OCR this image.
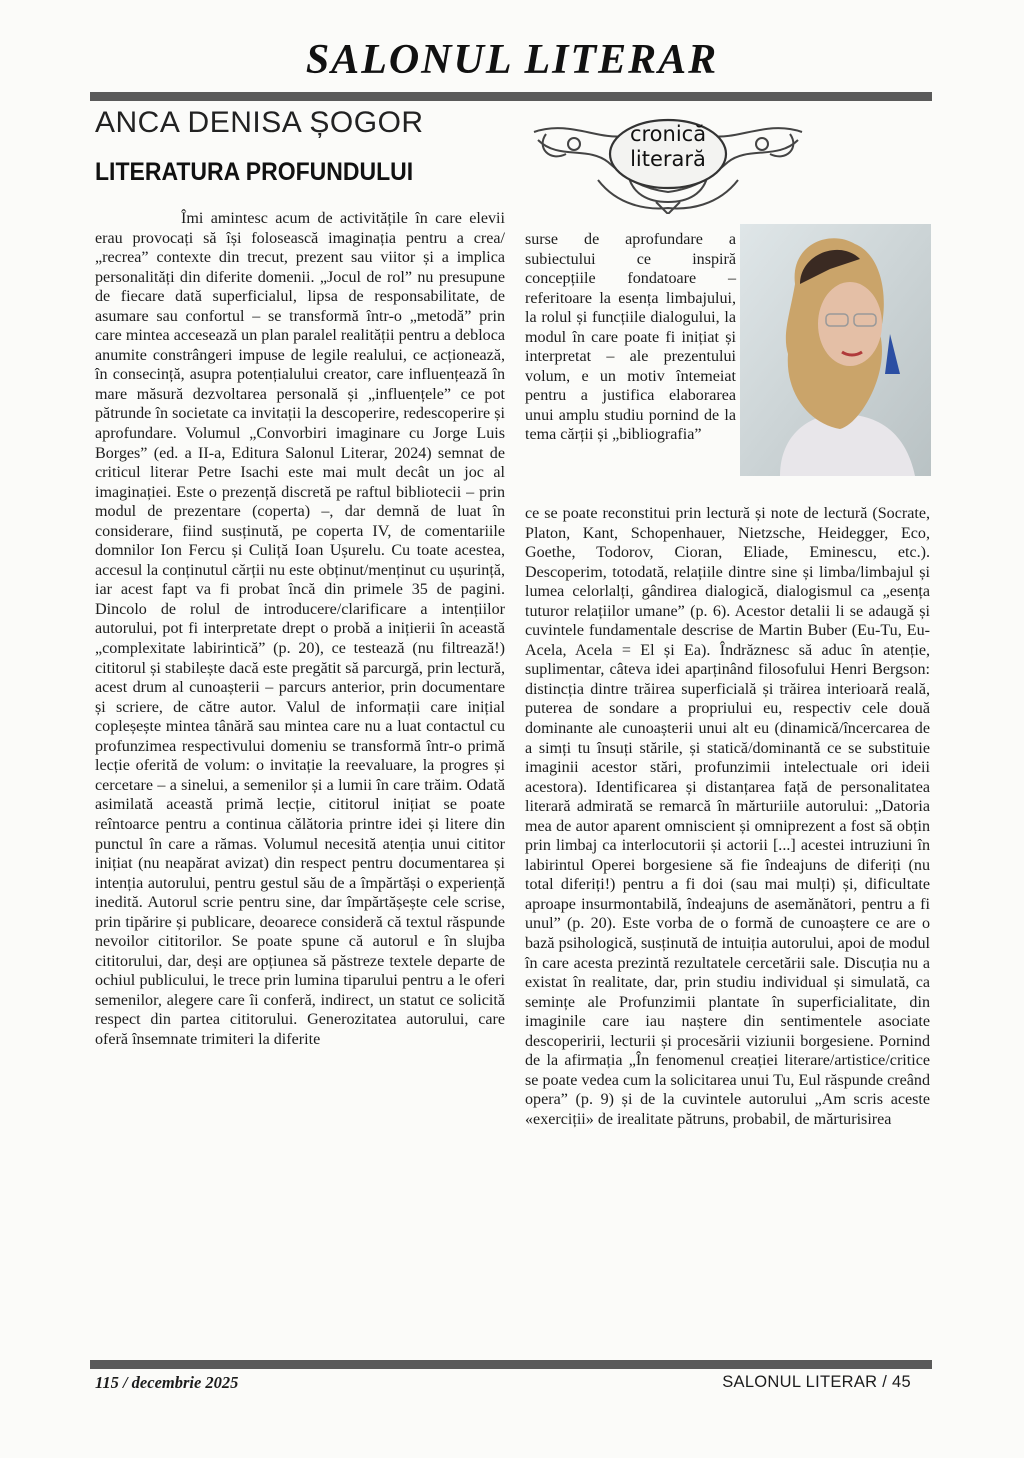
SALONUL LITERAR
ANCA DENISA ȘOGOR
LITERATURA PROFUNDULUI
cronică
literară

Îmi amintesc acum de activitățile în care elevii erau provocați să își folosească imaginația pentru a crea/„recrea” contexte din trecut, prezent sau viitor și a implica personalități din diferite domenii. „Jocul de rol” nu presupune de fiecare dată superficialul, lipsa de responsabilitate, de asumare sau confortul – se transformă într-o „metodă” prin care mintea accesează un plan paralel realității pentru a debloca anumite constrângeri impuse de legile realului, ce acționează, în consecință, asupra potențialului creator, care influențează în mare măsură dezvoltarea personală și „influențele” ce pot pătrunde în societate ca invitații la descoperire, redescoperire și aprofundare. Volumul „Convorbiri imaginare cu Jorge Luis Borges” (ed. a II-a, Editura Salonul Literar, 2024) semnat de criticul literar Petre Isachi este mai mult decât un joc al imaginației. Este o prezență discretă pe raftul bibliotecii – prin modul de prezentare (coperta) –, dar demnă de luat în considerare, fiind susținută, pe coperta IV, de comentariile domnilor Ion Fercu și Culiță Ioan Ușurelu. Cu toate acestea, accesul la conținutul cărții nu este obținut/menținut cu ușurință, iar acest fapt va fi probat încă din primele 35 de pagini. Dincolo de rolul de introducere/clarificare a intențiilor autorului, pot fi interpretate drept o probă a inițierii în această „complexitate labirintică” (p. 20), ce testează (nu filtrează!) cititorul și stabilește dacă este pregătit să parcurgă, prin lectură, acest drum al cunoașterii – parcurs anterior, prin documentare și scriere, de către autor. Valul de informații care inițial copleșește mintea tânără sau mintea care nu a luat contactul cu profunzimea respectivului domeniu se transformă într-o primă lecție oferită de volum: o invitație la reevaluare, la progres și cercetare – a sinelui, a semenilor și a lumii în care trăim. Odată asimilată această primă lecție, cititorul inițiat se poate reîntoarce pentru a continua călătoria printre idei și litere din punctul în care a rămas. Volumul necesită atenția unui cititor inițiat (nu neapărat avizat) din respect pentru documentarea și intenția autorului, pentru gestul său de a împărtăși o experiență inedită. Autorul scrie pentru sine, dar împărtășește cele scrise, prin tipărire și publicare, deoarece consideră că textul răspunde nevoilor cititorilor. Se poate spune că autorul e în slujba cititorului, dar, deși are opțiunea să păstreze textele departe de ochiul publicului, le trece prin lumina tiparului pentru a le oferi semenilor, alegere care îi conferă, indirect, un statut ce solicită respect din partea cititorului. Generozitatea autorului, care oferă însemnate trimiteri la diferite

surse de aprofundare a subiectului ce inspiră concepțiile fondatoare – referitoare la esența limbajului, la rolul și funcțiile dialogului, la modul în care poate fi inițiat și interpretat – ale prezentului volum, e un motiv întemeiat pentru a justifica elaborarea unui amplu studiu pornind de la tema cărții și „bibliografia”

ce se poate reconstitui prin lectură și note de lectură (Socrate, Platon, Kant, Schopenhauer, Nietzsche, Heidegger, Eco, Goethe, Todorov, Cioran, Eliade, Eminescu, etc.). Descoperim, totodată, relațiile dintre sine și limba/limbajul și lumea celorlalți, gândirea dialogică, dialogismul ca „esența tuturor relațiilor umane” (p. 6). Acestor detalii li se adaugă și cuvintele fundamentale descrise de Martin Buber (Eu-Tu, Eu-Acela, Acela = El și Ea). Îndrăznesc să aduc în atenție, suplimentar, câteva idei aparținând filosofului Henri Bergson: distincția dintre trăirea superficială și trăirea interioară reală, puterea de sondare a propriului eu, respectiv cele două dominante ale cunoașterii unui alt eu (dinamică/încercarea de a simți tu însuți stările, și statică/dominantă ce se substituie imaginii acestor stări, profunzimii intelectuale ori ideii acestora). Identificarea și distanțarea față de personalitatea literară admirată se remarcă în mărturiile autorului: „Datoria mea de autor aparent omniscient și omniprezent a fost să obțin prin limbaj ca interlocutorii și actorii [...] acestei intruziuni în labirintul Operei borgesiene să fie îndeajuns de diferiți (nu total diferiți!) pentru a fi doi (sau mai mulți) și, dificultate aproape insurmontabilă, îndeajuns de asemănători, pentru a fi unul” (p. 20). Este vorba de o formă de cunoaștere ce are o bază psihologică, susținută de intuiția autorului, apoi de modul în care acesta prezintă rezultatele cercetării sale. Discuția nu a existat în realitate, dar, prin studiu individual și simulată, ca semințe ale Profunzimii plantate în superficialitate, din imaginile care iau naștere din sentimentele asociate descoperirii, lecturii și procesării viziunii borgesiene. Pornind de la afirmația „În fenomenul creației literare/artistice/critice se poate vedea cum la solicitarea unui Tu, Eul răspunde creând opera” (p. 9) și de la cuvintele autorului „Am scris aceste «exerciții» de irealitate pătruns, probabil, de mărturisirea

115 / decembrie 2025	SALONUL LITERAR / 45
